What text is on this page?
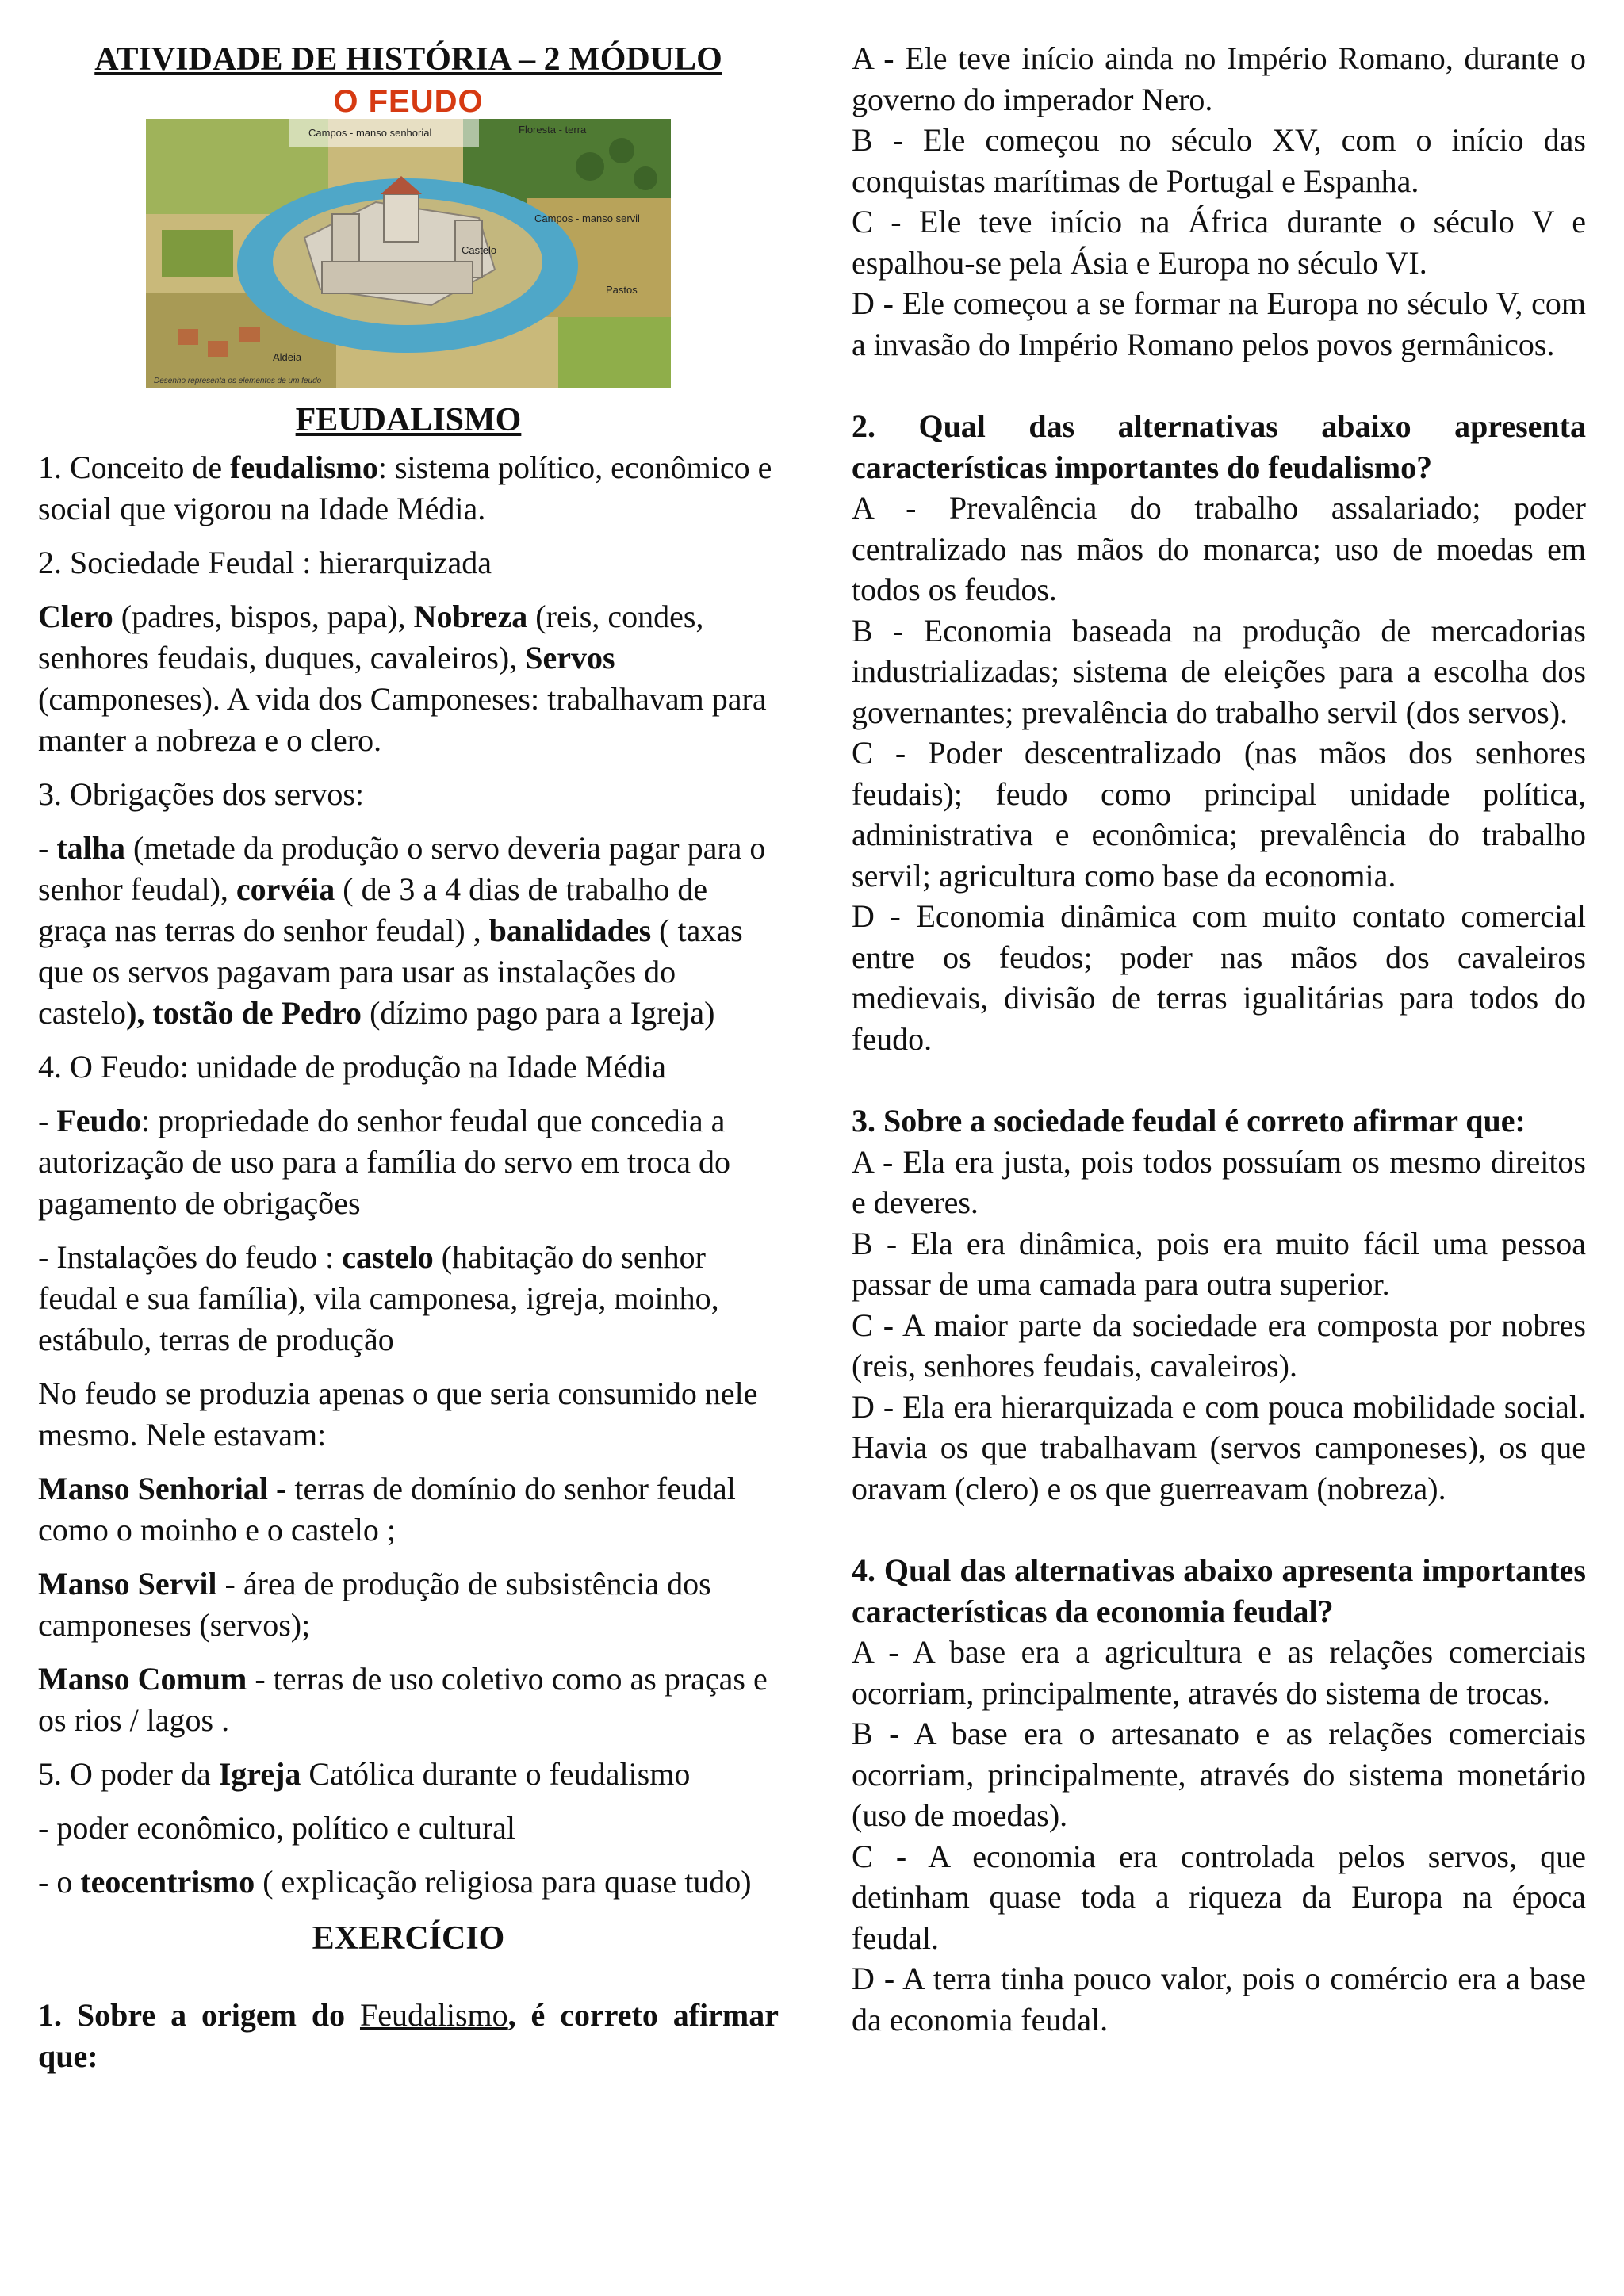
ATIVIDADE DE HISTÓRIA – 2 MÓDULO
O FEUDO
Campos - manso senhorial	Floresta - terra
Campos - manso servil
Castelo
Pastos
Aldeia
Desenho representa os elementos de um feudo
FEUDALISMO

1. Conceito de feudalismo: sistema político, econômico e social que vigorou na Idade Média.

2. Sociedade Feudal : hierarquizada

Clero (padres, bispos, papa), Nobreza (reis, condes, senhores feudais, duques, cavaleiros), Servos (camponeses). A vida dos Camponeses: trabalhavam para manter a nobreza e o clero.

3. Obrigações dos servos:

- talha (metade da produção o servo deveria pagar para o senhor feudal), corvéia ( de 3 a 4 dias de trabalho de graça nas terras do senhor feudal) , banalidades ( taxas que os servos pagavam para usar as instalações do castelo), tostão de Pedro (dízimo pago para a Igreja)

4. O Feudo: unidade de produção na Idade Média

- Feudo: propriedade do senhor feudal que concedia a autorização de uso para a família do servo em troca do pagamento de obrigações

- Instalações do feudo : castelo (habitação do senhor feudal e sua família), vila camponesa, igreja, moinho, estábulo, terras de produção

No feudo se produzia apenas o que seria consumido nele mesmo. Nele estavam:

Manso Senhorial - terras de domínio do senhor feudal como o moinho e o castelo ;

Manso Servil - área de produção de subsistência dos camponeses (servos);

Manso Comum - terras de uso coletivo como as praças e os rios / lagos .

5. O poder da Igreja Católica durante o feudalismo

- poder econômico, político e cultural

- o teocentrismo ( explicação religiosa para quase tudo)

EXERCÍCIO

1. Sobre a origem do Feudalismo, é correto afirmar que:

A - Ele teve início ainda no Império Romano, durante o governo do imperador Nero.

B - Ele começou no século XV, com o início das conquistas marítimas de Portugal e Espanha.

C - Ele teve início na África durante o século V e espalhou-se pela Ásia e Europa no século VI.

D - Ele começou a se formar na Europa no século V, com a invasão do Império Romano pelos povos germânicos.

2. Qual das alternativas abaixo apresenta características importantes do feudalismo?

A - Prevalência do trabalho assalariado; poder centralizado nas mãos do monarca; uso de moedas em todos os feudos.

B - Economia baseada na produção de mercadorias industrializadas; sistema de eleições para a escolha dos governantes; prevalência do trabalho servil (dos servos).

C - Poder descentralizado (nas mãos dos senhores feudais); feudo como principal unidade política, administrativa e econômica; prevalência do trabalho servil; agricultura como base da economia.

D - Economia dinâmica com muito contato comercial entre os feudos; poder nas mãos dos cavaleiros medievais, divisão de terras igualitárias para todos do feudo.

3. Sobre a sociedade feudal é correto afirmar que:

A - Ela era justa, pois todos possuíam os mesmo direitos e deveres.

B - Ela era dinâmica, pois era muito fácil uma pessoa passar de uma camada para outra superior.

C - A maior parte da sociedade era composta por nobres (reis, senhores feudais, cavaleiros).

D - Ela era hierarquizada e com pouca mobilidade social. Havia os que trabalhavam (servos camponeses), os que oravam (clero) e os que guerreavam (nobreza).

4. Qual das alternativas abaixo apresenta importantes características da economia feudal?

A - A base era a agricultura e as relações comerciais ocorriam, principalmente, através do sistema de trocas.

B - A base era o artesanato e as relações comerciais ocorriam, principalmente, através do sistema monetário (uso de moedas).

C - A economia era controlada pelos servos, que detinham quase toda a riqueza da Europa na época feudal.

D - A terra tinha pouco valor, pois o comércio era a base da economia feudal.
